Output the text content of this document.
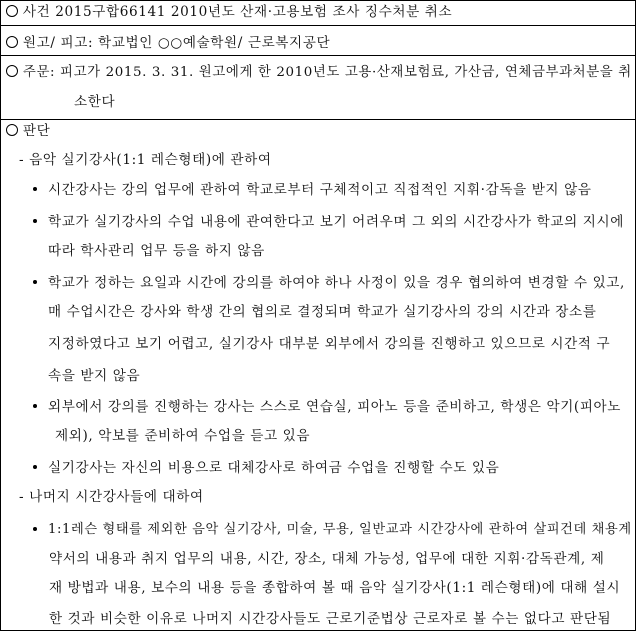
사건 2015구합66141 2010년도 산재·고용보험 조사 징수처분 취소
원고/ 피고: 학교법인 ○○예술학원/ 근로복지공단
주문: 피고가 2015. 3. 31. 원고에게 한 2010년도 고용·산재보험료, 가산금, 연체금부과처분을 취
소한다
판단
- 음악 실기강사(1:1 레슨형태)에 관하여
시간강사는 강의 업무에 관하여 학교로부터 구체적이고 직접적인 지휘·감독을 받지 않음
학교가 실기강사의 수업 내용에 관여한다고 보기 어려우며 그 외의 시간강사가 학교의 지시에
따라 학사관리 업무 등을 하지 않음
학교가 정하는 요일과 시간에 강의를 하여야 하나 사정이 있을 경우 협의하여 변경할 수 있고,
매 수업시간은 강사와 학생 간의 협의로 결정되며 학교가 실기강사의 강의 시간과 장소를
지정하였다고 보기 어렵고, 실기강사 대부분 외부에서 강의를 진행하고 있으므로 시간적 구
속을 받지 않음
외부에서 강의를 진행하는 강사는 스스로 연습실, 피아노 등을 준비하고, 학생은 악기(피아노
제외), 악보를 준비하여 수업을 듣고 있음
실기강사는 자신의 비용으로 대체강사로 하여금 수업을 진행할 수도 있음
- 나머지 시간강사들에 대하여
1:1레슨 형태를 제외한 음악 실기강사, 미술, 무용, 일반교과 시간강사에 관하여 살피건데 채용계
약서의 내용과 취지 업무의 내용, 시간, 장소, 대체 가능성, 업무에 대한 지휘·감독관계, 제
재 방법과 내용, 보수의 내용 등을 종합하여 볼 때 음악 실기강사(1:1 레슨형태)에 대해 설시
한 것과 비슷한 이유로 나머지 시간강사들도 근로기준법상 근로자로 볼 수는 없다고 판단됨
